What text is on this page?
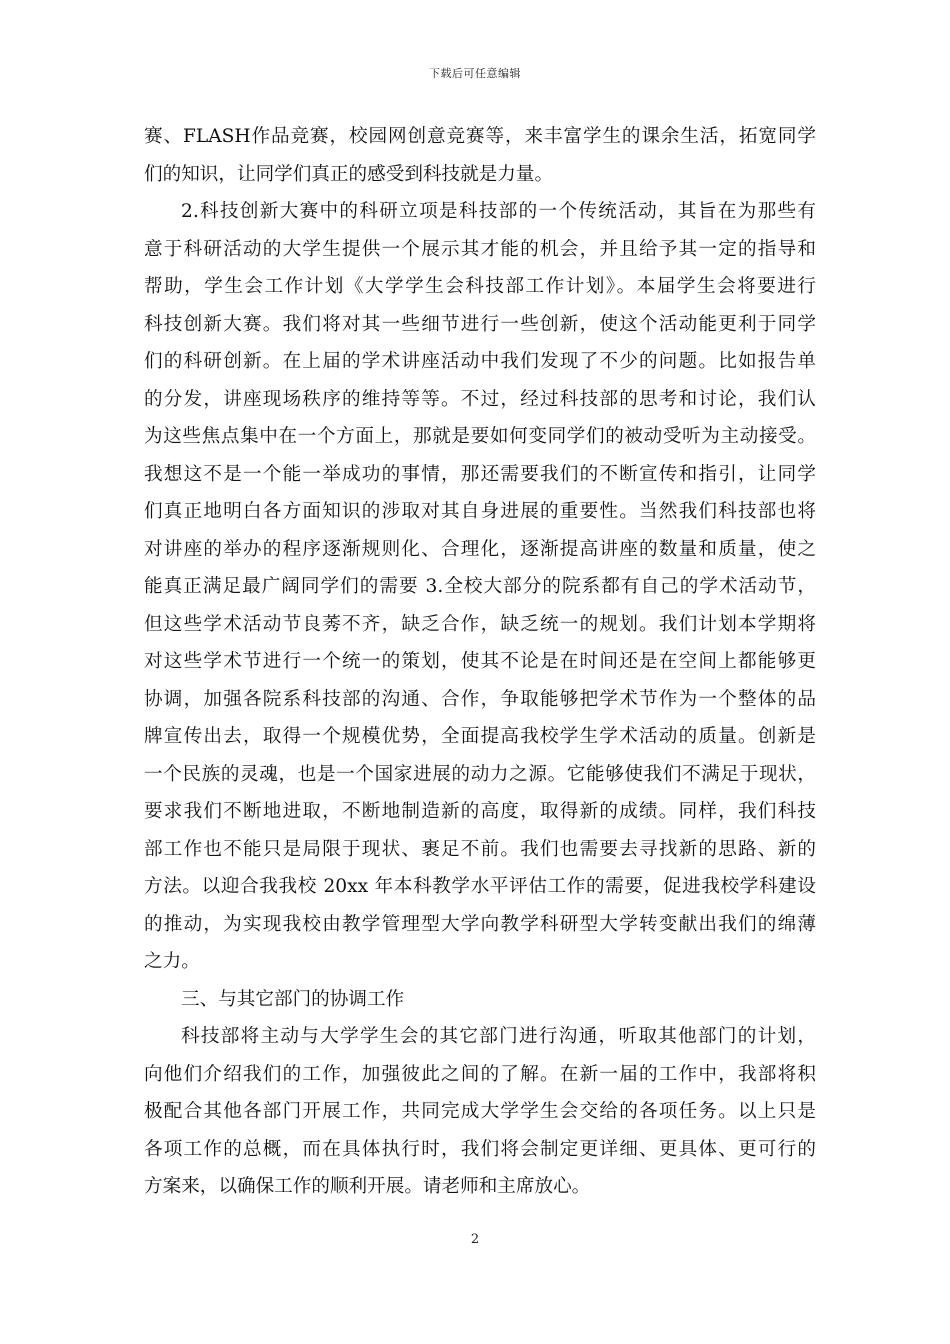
下载后可任意编辑
赛、FLASH作品竞赛，校园网创意竞赛等，来丰富学生的课余生活，拓宽同学
们的知识，让同学们真正的感受到科技就是力量。
2.科技创新大赛中的科研立项是科技部的一个传统活动，其旨在为那些有
意于科研活动的大学生提供一个展示其才能的机会，并且给予其一定的指导和
帮助，学生会工作计划《大学学生会科技部工作计划》。本届学生会将要进行
科技创新大赛。我们将对其一些细节进行一些创新，使这个活动能更利于同学
们的科研创新。在上届的学术讲座活动中我们发现了不少的问题。比如报告单
的分发，讲座现场秩序的维持等等。不过，经过科技部的思考和讨论，我们认
为这些焦点集中在一个方面上，那就是要如何变同学们的被动受听为主动接受。
我想这不是一个能一举成功的事情，那还需要我们的不断宣传和指引，让同学
们真正地明白各方面知识的涉取对其自身进展的重要性。当然我们科技部也将
对讲座的举办的程序逐渐规则化、合理化，逐渐提高讲座的数量和质量，使之
能真正满足最广阔同学们的需要 3.全校大部分的院系都有自己的学术活动节，
但这些学术活动节良莠不齐，缺乏合作，缺乏统一的规划。我们计划本学期将
对这些学术节进行一个统一的策划，使其不论是在时间还是在空间上都能够更
协调，加强各院系科技部的沟通、合作，争取能够把学术节作为一个整体的品
牌宣传出去，取得一个规模优势，全面提高我校学生学术活动的质量。创新是
一个民族的灵魂，也是一个国家进展的动力之源。它能够使我们不满足于现状，
要求我们不断地进取，不断地制造新的高度，取得新的成绩。同样，我们科技
部工作也不能只是局限于现状、裹足不前。我们也需要去寻找新的思路、新的
方法。以迎合我我校 20xx 年本科教学水平评估工作的需要，促进我校学科建设
的推动，为实现我校由教学管理型大学向教学科研型大学转变献出我们的绵薄
之力。
三、与其它部门的协调工作
科技部将主动与大学学生会的其它部门进行沟通，听取其他部门的计划，
向他们介绍我们的工作，加强彼此之间的了解。在新一届的工作中，我部将积
极配合其他各部门开展工作，共同完成大学学生会交给的各项任务。以上只是
各项工作的总概，而在具体执行时，我们将会制定更详细、更具体、更可行的
方案来，以确保工作的顺利开展。请老师和主席放心。
2
